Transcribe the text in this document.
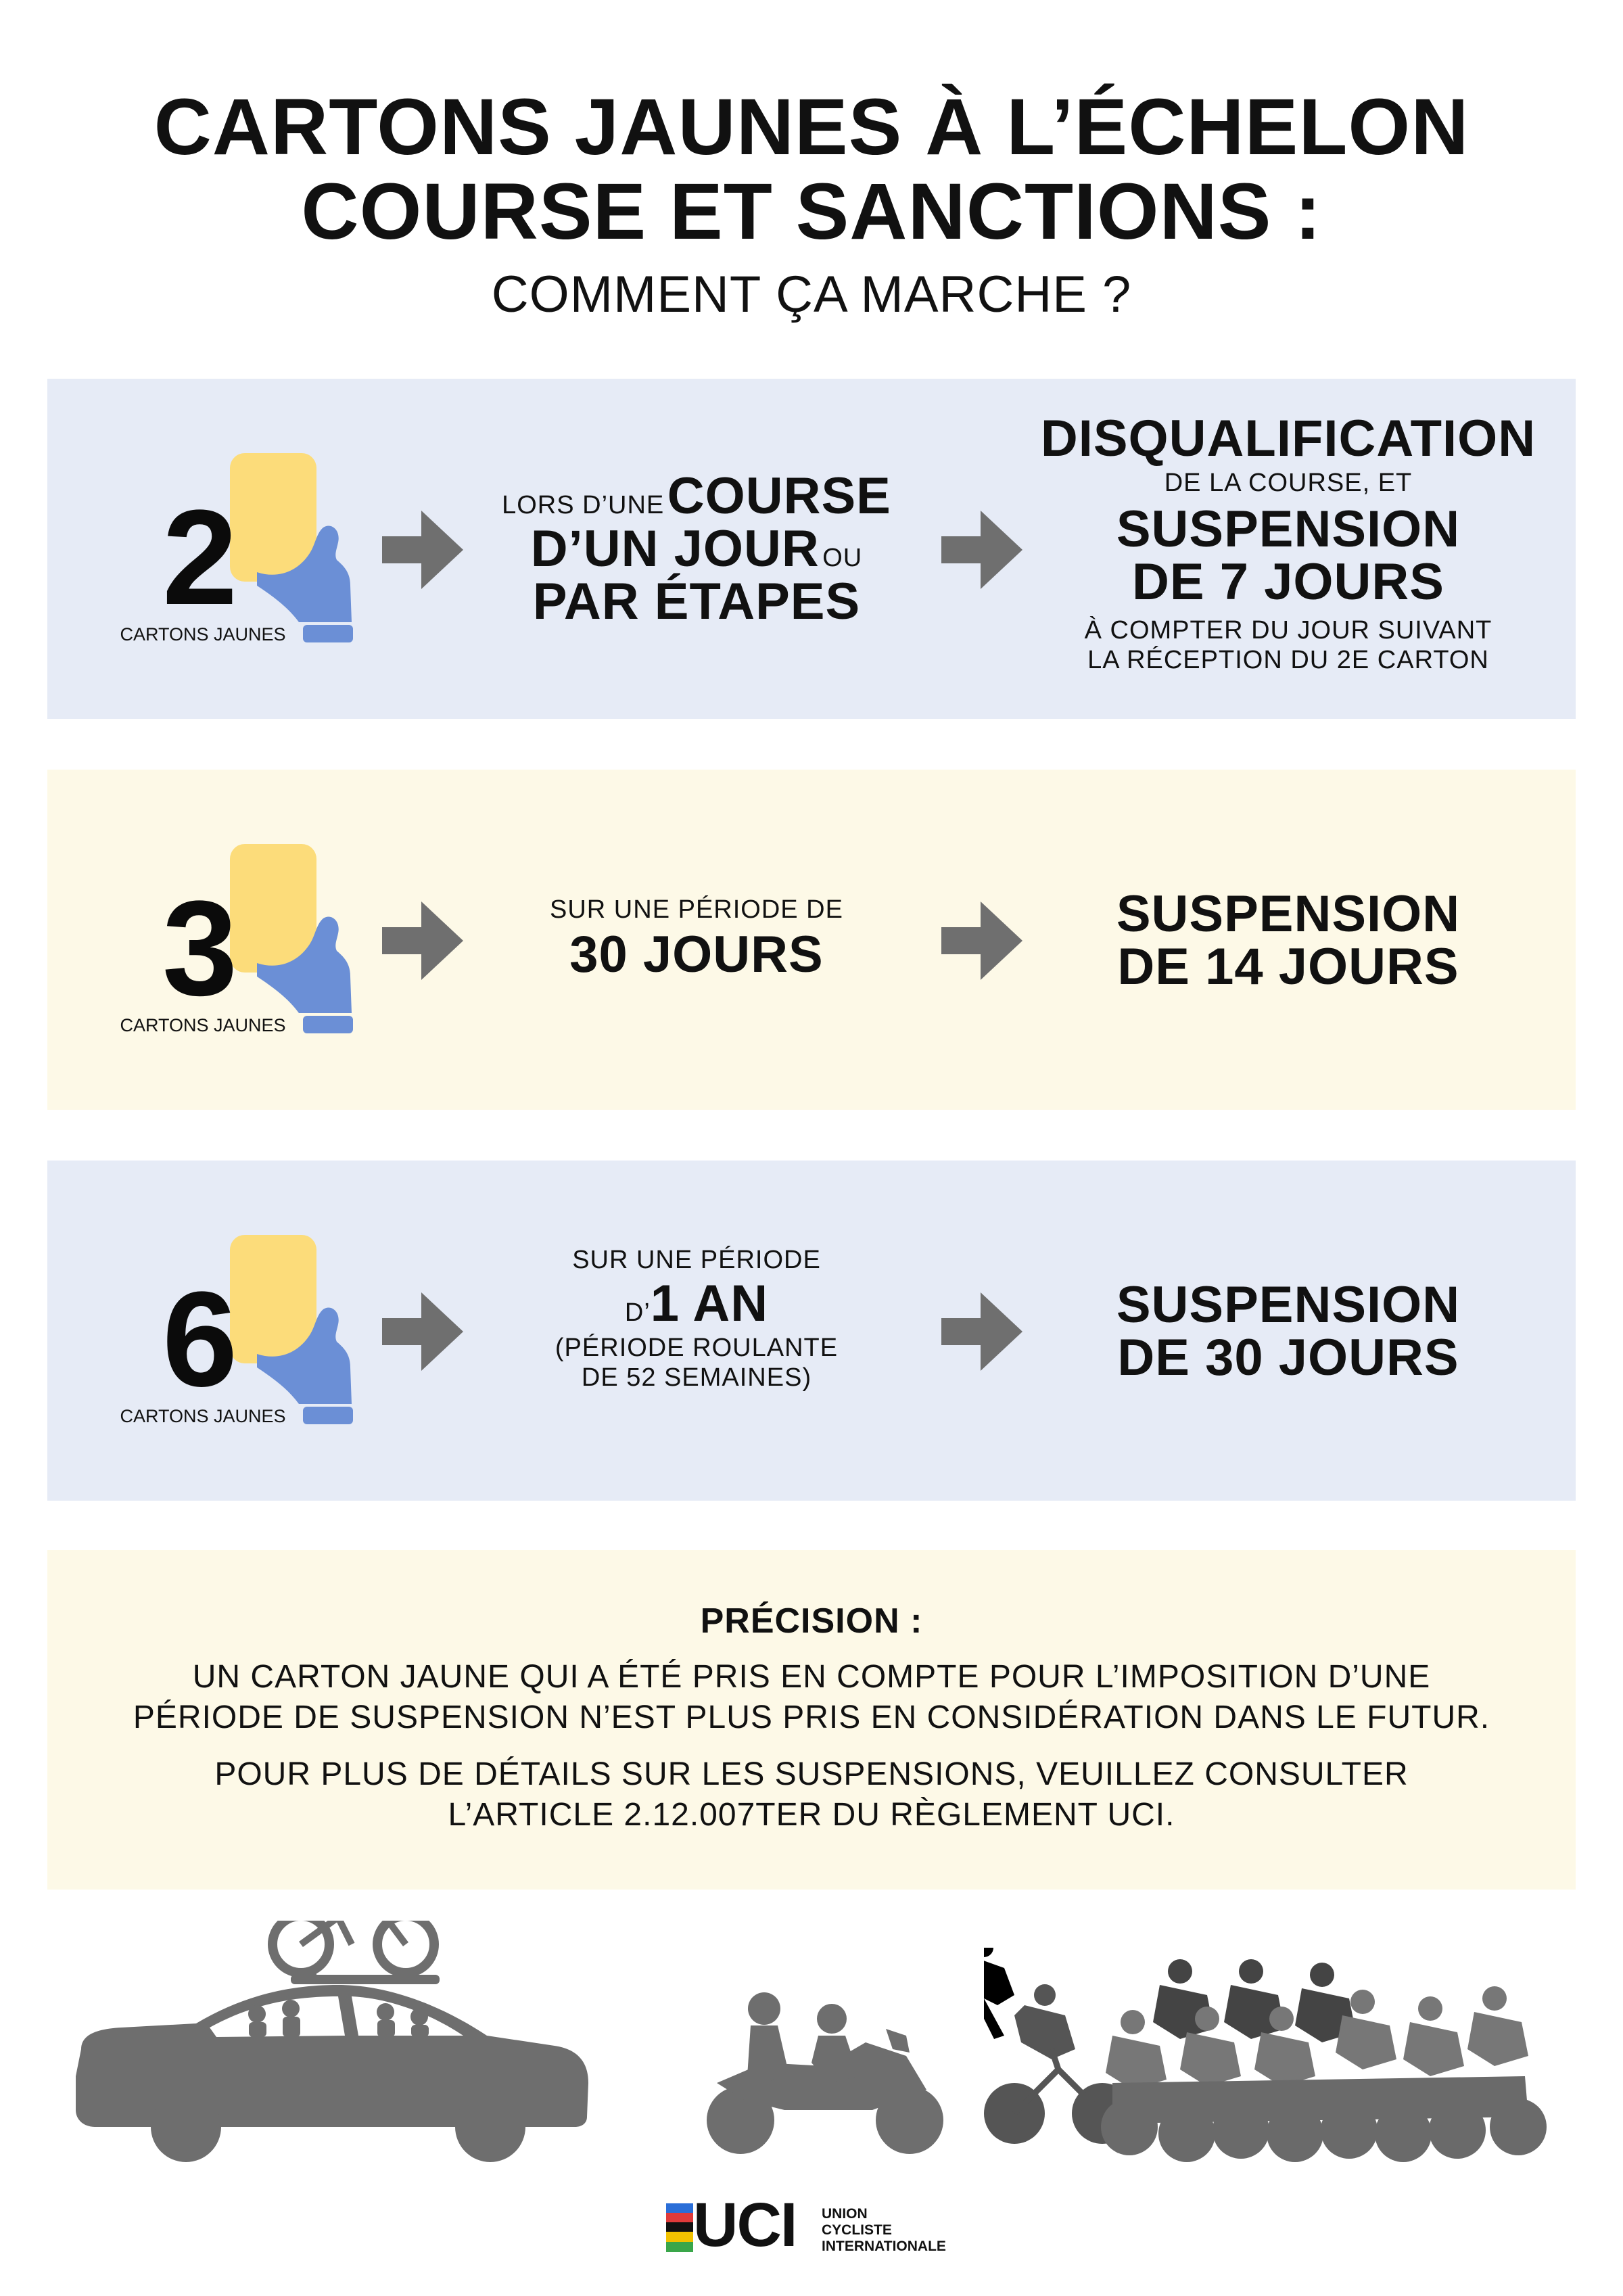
CARTONS JAUNES À L’ÉCHELON
COURSE ET SANCTIONS :
COMMENT ÇA MARCHE ?
2
CARTONS JAUNES
LORS D’UNE COURSE
D’UN JOUR OU
PAR ÉTAPES
DISQUALIFICATION
DE LA COURSE, ET
SUSPENSION
DE 7 JOURS
À COMPTER DU JOUR SUIVANT
LA RÉCEPTION DU 2E CARTON
3
CARTONS JAUNES
SUR UNE PÉRIODE DE
30 JOURS
SUSPENSION
DE 14 JOURS
6
CARTONS JAUNES
SUR UNE PÉRIODE
D’1 AN
(PÉRIODE ROULANTE
DE 52 SEMAINES)
SUSPENSION
DE 30 JOURS
PRÉCISION :
UN CARTON JAUNE QUI A ÉTÉ PRIS EN COMPTE POUR L’IMPOSITION D’UNE
PÉRIODE DE SUSPENSION N’EST PLUS PRIS EN CONSIDÉRATION DANS LE FUTUR.
POUR PLUS DE DÉTAILS SUR LES SUSPENSIONS, VEUILLEZ CONSULTER
L’ARTICLE 2.12.007TER DU RÈGLEMENT UCI.
UCI UNION
CYCLISTE
INTERNATIONALE
